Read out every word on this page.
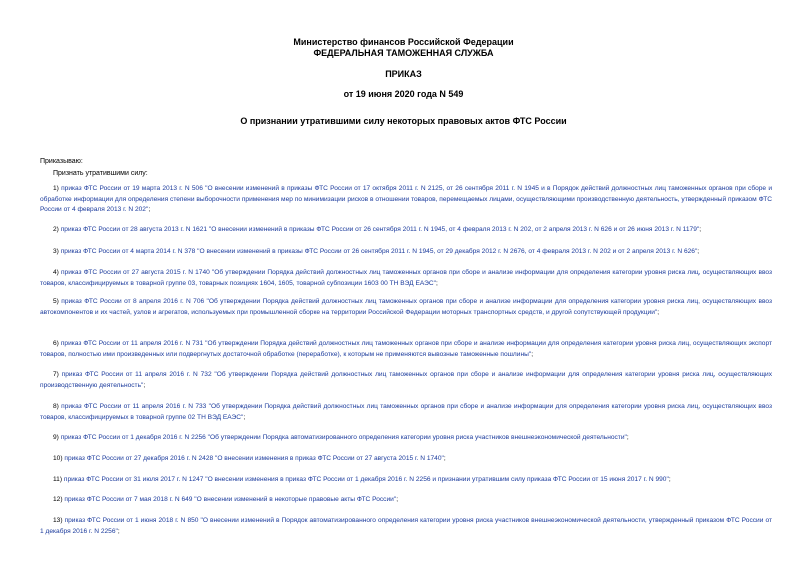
Министерство финансов Российской Федерации
ФЕДЕРАЛЬНАЯ ТАМОЖЕННАЯ СЛУЖБА
ПРИКАЗ
от 19 июня 2020 года N 549
О признании утратившими силу некоторых правовых актов ФТС России
Приказываю:
Признать утратившими силу:
1) приказ ФТС России от 19 марта 2013 г. N 506 "О внесении изменений в приказы ФТС России от 17 октября 2011 г. N 2125, от 26 сентября 2011 г. N 1945 и в Порядок действий должностных лиц таможенных органов при сборе и обработке информации для определения степени выборочности применения мер по минимизации рисков в отношении товаров, перемещаемых лицами, осуществляющими производственную деятельность, утвержденный приказом ФТС России от 4 февраля 2013 г. N 202";
2) приказ ФТС России от 28 августа 2013 г. N 1621 "О внесении изменений в приказы ФТС России от 26 сентября 2011 г. N 1945, от 4 февраля 2013 г. N 202, от 2 апреля 2013 г. N 626 и от 26 июня 2013 г. N 1179";
3) приказ ФТС России от 4 марта 2014 г. N 378 "О внесении изменений в приказы ФТС России от 26 сентября 2011 г. N 1945, от 29 декабря 2012 г. N 2676, от 4 февраля 2013 г. N 202 и от 2 апреля 2013 г. N 626";
4) приказ ФТС России от 27 августа 2015 г. N 1740 "Об утверждении Порядка действий должностных лиц таможенных органов при сборе и анализе информации для определения категории уровня риска лиц, осуществляющих ввоз товаров, классифицируемых в товарной группе 03, товарных позициях 1604, 1605, товарной субпозиции 1603 00 ТН ВЭД ЕАЭС";
5) приказ ФТС России от 8 апреля 2016 г. N 706 "Об утверждении Порядка действий должностных лиц таможенных органов при сборе и анализе информации для определения категории уровня риска лиц, осуществляющих ввоз автокомпонентов и их частей, узлов и агрегатов, используемых при промышленной сборке на территории Российской Федерации моторных транспортных средств, и другой сопутствующей продукции";
6) приказ ФТС России от 11 апреля 2016 г. N 731 "Об утверждении Порядка действий должностных лиц таможенных органов при сборе и анализе информации для определения категории уровня риска лиц, осуществляющих экспорт товаров, полностью ими произведенных или подвергнутых достаточной обработке (переработке), к которым не применяются вывозные таможенные пошлины";
7) приказ ФТС России от 11 апреля 2016 г. N 732 "Об утверждении Порядка действий должностных лиц таможенных органов при сборе и анализе информации для определения категории уровня риска лиц, осуществляющих производственную деятельность";
8) приказ ФТС России от 11 апреля 2016 г. N 733 "Об утверждении Порядка действий должностных лиц таможенных органов при сборе и анализе информации для определения категории уровня риска лиц, осуществляющих ввоз товаров, классифицируемых в товарной группе 02 ТН ВЭД ЕАЭС";
9) приказ ФТС России от 1 декабря 2016 г. N 2256 "Об утверждении Порядка автоматизированного определения категории уровня риска участников внешнеэкономической деятельности";
10) приказ ФТС России от 27 декабря 2016 г. N 2428 "О внесении изменения в приказ ФТС России от 27 августа 2015 г. N 1740";
11) приказ ФТС России от 31 июля 2017 г. N 1247 "О внесении изменения в приказ ФТС России от 1 декабря 2016 г. N 2256 и признании утратившим силу приказа ФТС России от 15 июня 2017 г. N 990";
12) приказ ФТС России от 7 мая 2018 г. N 649 "О внесении изменений в некоторые правовые акты ФТС России";
13) приказ ФТС России от 1 июня 2018 г. N 850 "О внесении изменений в Порядок автоматизированного определения категории уровня риска участников внешнеэкономической деятельности, утвержденный приказом ФТС России от 1 декабря 2016 г. N 2256";
